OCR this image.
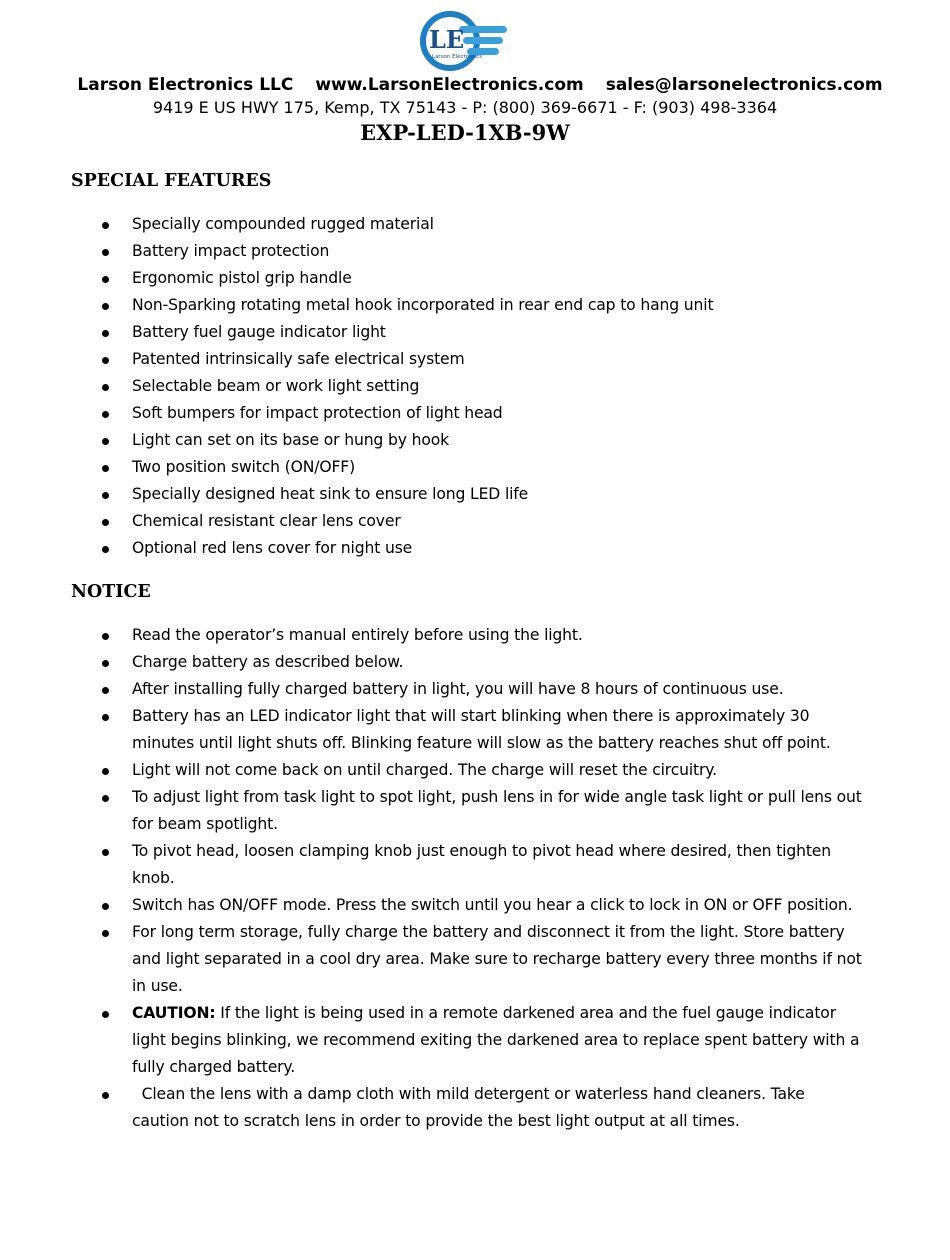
LE
Larson Electronics
Larson Electronics LLC www.LarsonElectronics.com sales@larsonelectronics.com
9419 E US HWY 175, Kemp, TX 75143 - P: (800) 369-6671 - F: (903) 498-3364
EXP-LED-1XB-9W
SPECIAL FEATURES
Specially compounded rugged material
Battery impact protection
Ergonomic pistol grip handle
Non-Sparking rotating metal hook incorporated in rear end cap to hang unit
Battery fuel gauge indicator light
Patented intrinsically safe electrical system
Selectable beam or work light setting
Soft bumpers for impact protection of light head
Light can set on its base or hung by hook
Two position switch (ON/OFF)
Specially designed heat sink to ensure long LED life
Chemical resistant clear lens cover
Optional red lens cover for night use
NOTICE
Read the operator’s manual entirely before using the light.
Charge battery as described below.
After installing fully charged battery in light, you will have 8 hours of continuous use.
Battery has an LED indicator light that will start blinking when there is approximately 30 minutes until light shuts off. Blinking feature will slow as the battery reaches shut off point.
Light will not come back on until charged. The charge will reset the circuitry.
To adjust light from task light to spot light, push lens in for wide angle task light or pull lens out for beam spotlight.
To pivot head, loosen clamping knob just enough to pivot head where desired, then tighten knob.
Switch has ON/OFF mode. Press the switch until you hear a click to lock in ON or OFF position.
For long term storage, fully charge the battery and disconnect it from the light. Store battery and light separated in a cool dry area. Make sure to recharge battery every three months if not in use.
CAUTION: If the light is being used in a remote darkened area and the fuel gauge indicator light begins blinking, we recommend exiting the darkened area to replace spent battery with a fully charged battery.
Clean the lens with a damp cloth with mild detergent or waterless hand cleaners. Take caution not to scratch lens in order to provide the best light output at all times.
